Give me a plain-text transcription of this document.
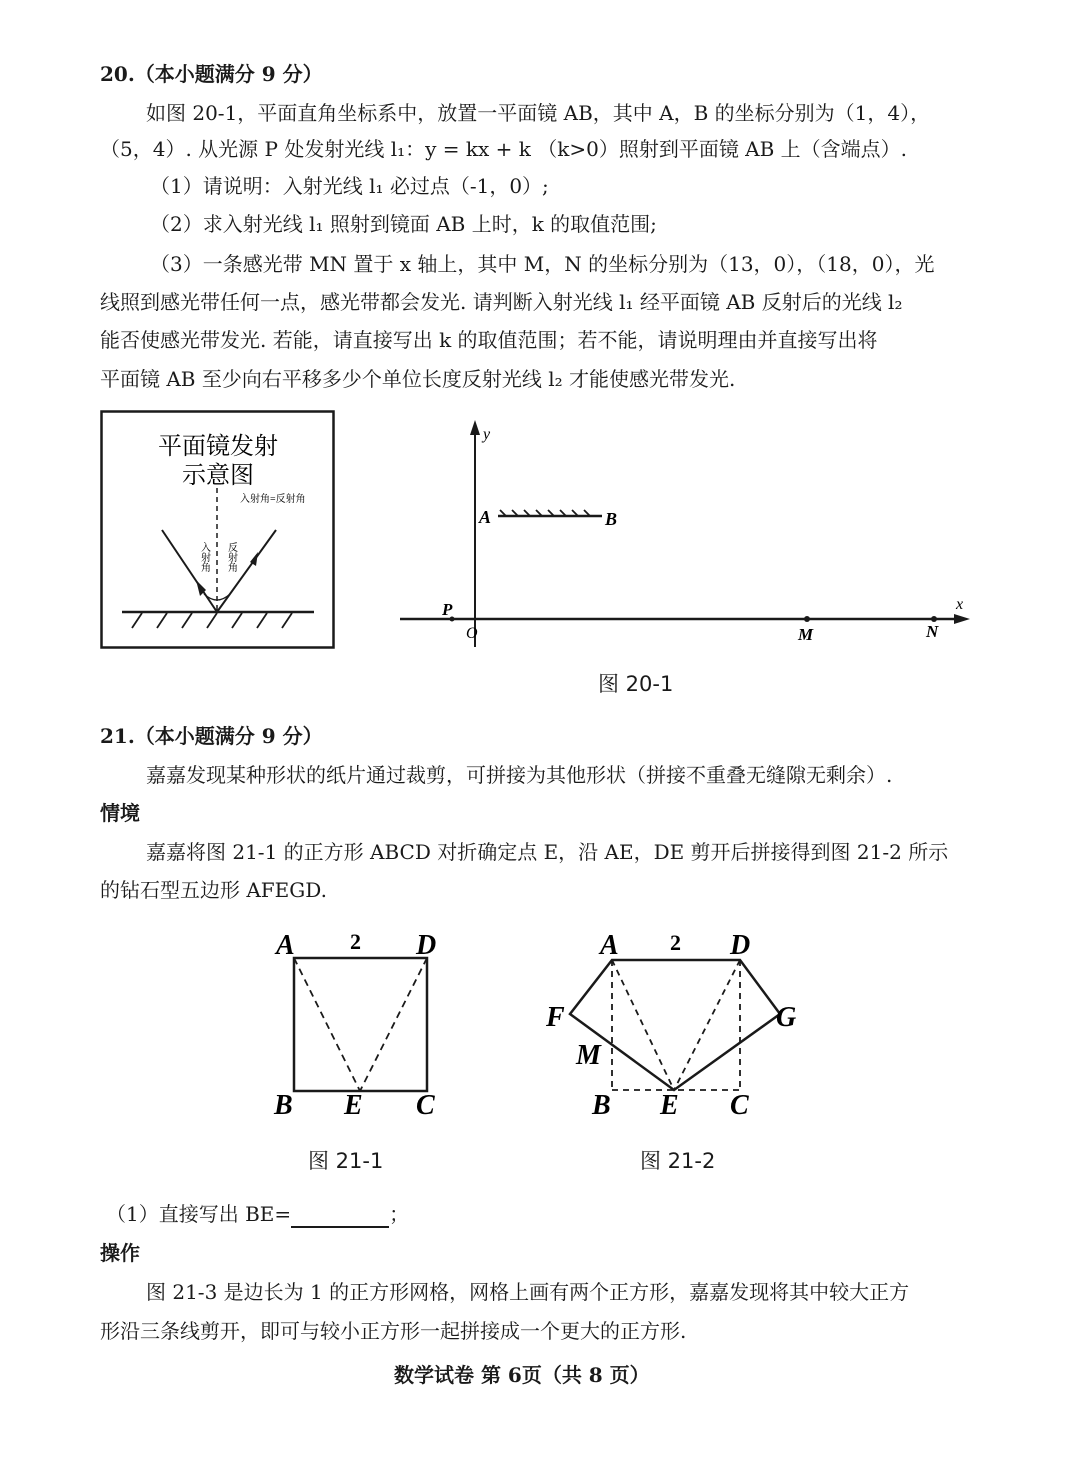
20.（本小题满分 9 分）
如图 20-1，平面直角坐标系中，放置一平面镜 AB，其中 A，B 的坐标分别为（1，4），
（5，4）. 从光源 P 处发射光线 l₁：y = kx + k （k>0）照射到平面镜 AB 上（含端点）.
（1）请说明：入射光线 l₁ 必过点（-1，0）;
（2）求入射光线 l₁ 照射到镜面 AB 上时，k 的取值范围;
（3）一条感光带 MN 置于 x 轴上，其中 M，N 的坐标分别为（13，0），（18，0），光
线照到感光带任何一点，感光带都会发光. 请判断入射光线 l₁ 经平面镜 AB 反射后的光线 l₂
能否使感光带发光. 若能，请直接写出 k 的取值范围；若不能，请说明理由并直接写出将
平面镜 AB 至少向右平移多少个单位长度反射光线 l₂ 才能使感光带发光.
平面镜发射
示意图
入射角=反射角
入射角 反射角
y
x
A	B
P
O	M	N
图 20-1
21.（本小题满分 9 分）
嘉嘉发现某种形状的纸片通过裁剪，可拼接为其他形状（拼接不重叠无缝隙无剩余）.
情境
嘉嘉将图 21-1 的正方形 ABCD 对折确定点 E，沿 AE，DE 剪开后拼接得到图 21-2 所示
的钻石型五边形 AFEGD.
A	D
2
B E C
图 21-1
A	D
2
F	G
M
B E C
图 21-2
（1）直接写出 BE=	；
操作
图 21-3 是边长为 1 的正方形网格，网格上画有两个正方形，嘉嘉发现将其中较大正方
形沿三条线剪开，即可与较小正方形一起拼接成一个更大的正方形.
数学试卷 第 6页（共 8 页）
